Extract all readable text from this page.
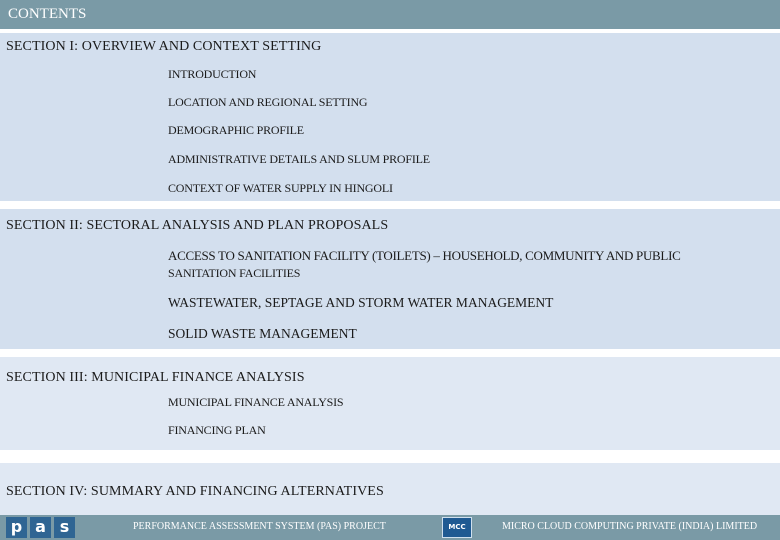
CONTENTS
SECTION I: OVERVIEW AND CONTEXT SETTING
INTRODUCTION
LOCATION AND REGIONAL SETTING
DEMOGRAPHIC PROFILE
ADMINISTRATIVE DETAILS AND SLUM PROFILE
CONTEXT OF WATER SUPPLY IN HINGOLI
SECTION II: SECTORAL ANALYSIS AND PLAN PROPOSALS
ACCESS TO SANITATION FACILITY (TOILETS) – HOUSEHOLD, COMMUNITY AND PUBLIC
SANITATION FACILITIES
WASTEWATER, SEPTAGE AND STORM WATER MANAGEMENT
SOLID WASTE MANAGEMENT
SECTION III: MUNICIPAL FINANCE ANALYSIS
MUNICIPAL FINANCE ANALYSIS
FINANCING PLAN
SECTION IV: SUMMARY AND FINANCING ALTERNATIVES
p a s	PERFORMANCE ASSESSMENT SYSTEM (PAS) PROJECT	MCC	MICRO CLOUD COMPUTING PRIVATE (INDIA) LIMITED
